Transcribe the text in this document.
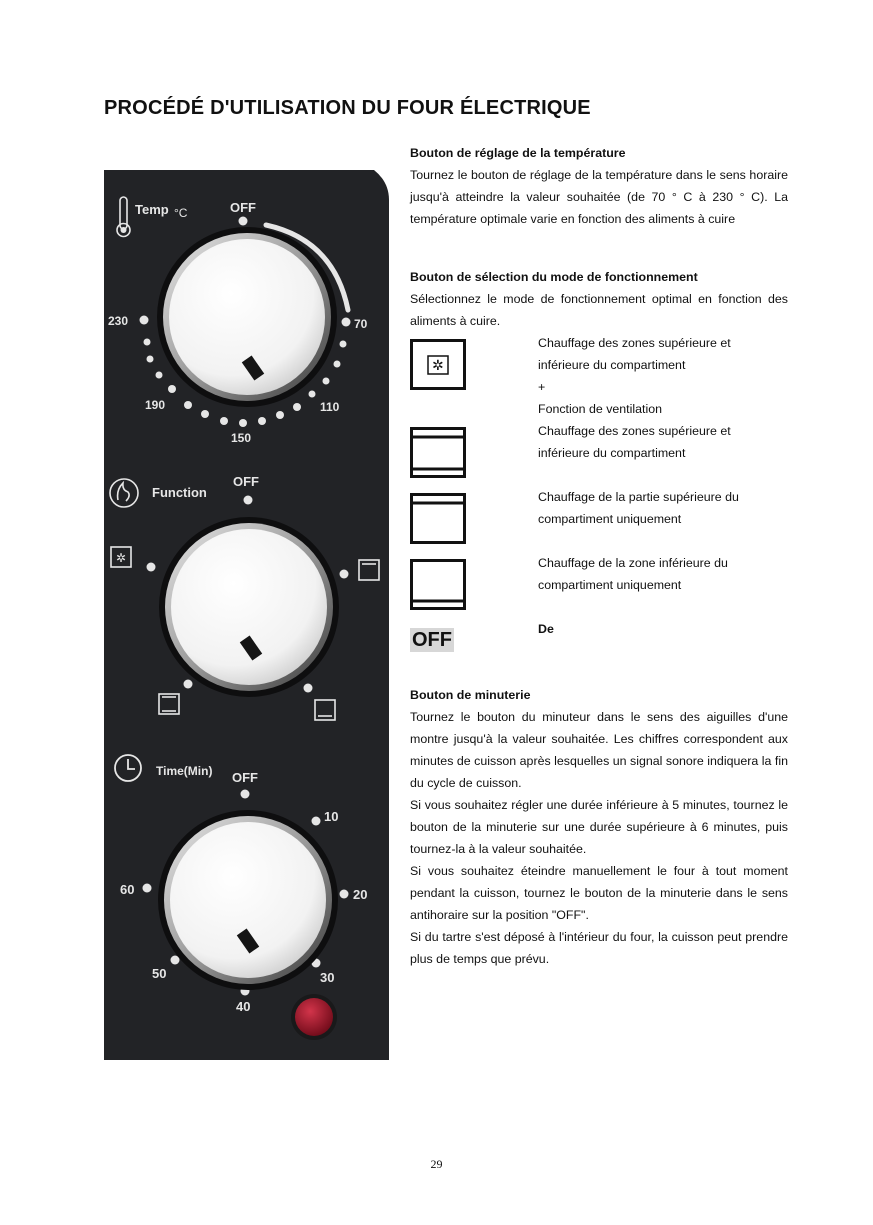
PROCÉDÉ D'UTILISATION DU FOUR ÉLECTRIQUE
Temp °C	OFF
230	70
190	110
150
Function
OFF
✲
Time(Min) OFF
10
60	20
50	30
40

Bouton de réglage de la température

Tournez le bouton de réglage de la température dans le sens horaire jusqu'à atteindre la valeur souhaitée (de 70 ° C à 230 ° C). La température optimale varie en fonction des aliments à cuire

Bouton de sélection du mode de fonctionnement

Sélectionnez le mode de fonctionnement optimal en fonction des aliments à cuire.

✲
Chauffage des zones supérieure et
inférieure du compartiment
+
Fonction de ventilation
Chauffage des zones supérieure et
inférieure du compartiment
Chauffage de la partie supérieure du
compartiment uniquement
Chauffage de la zone inférieure du
compartiment uniquement
OFF	De

Bouton de minuterie

Tournez le bouton du minuteur dans le sens des aiguilles d'une montre jusqu'à la valeur souhaitée. Les chiffres correspondent aux minutes de cuisson après lesquelles un signal sonore indiquera la fin du cycle de cuisson.

Si vous souhaitez régler une durée inférieure à 5 minutes, tournez le bouton de la minuterie sur une durée supérieure à 6 minutes, puis tournez-la à la valeur souhaitée.

Si vous souhaitez éteindre manuellement le four à tout moment pendant la cuisson, tournez le bouton de la minuterie dans le sens antihoraire sur la position "OFF".

Si du tartre s'est déposé à l'intérieur du four, la cuisson peut prendre plus de temps que prévu.

29
